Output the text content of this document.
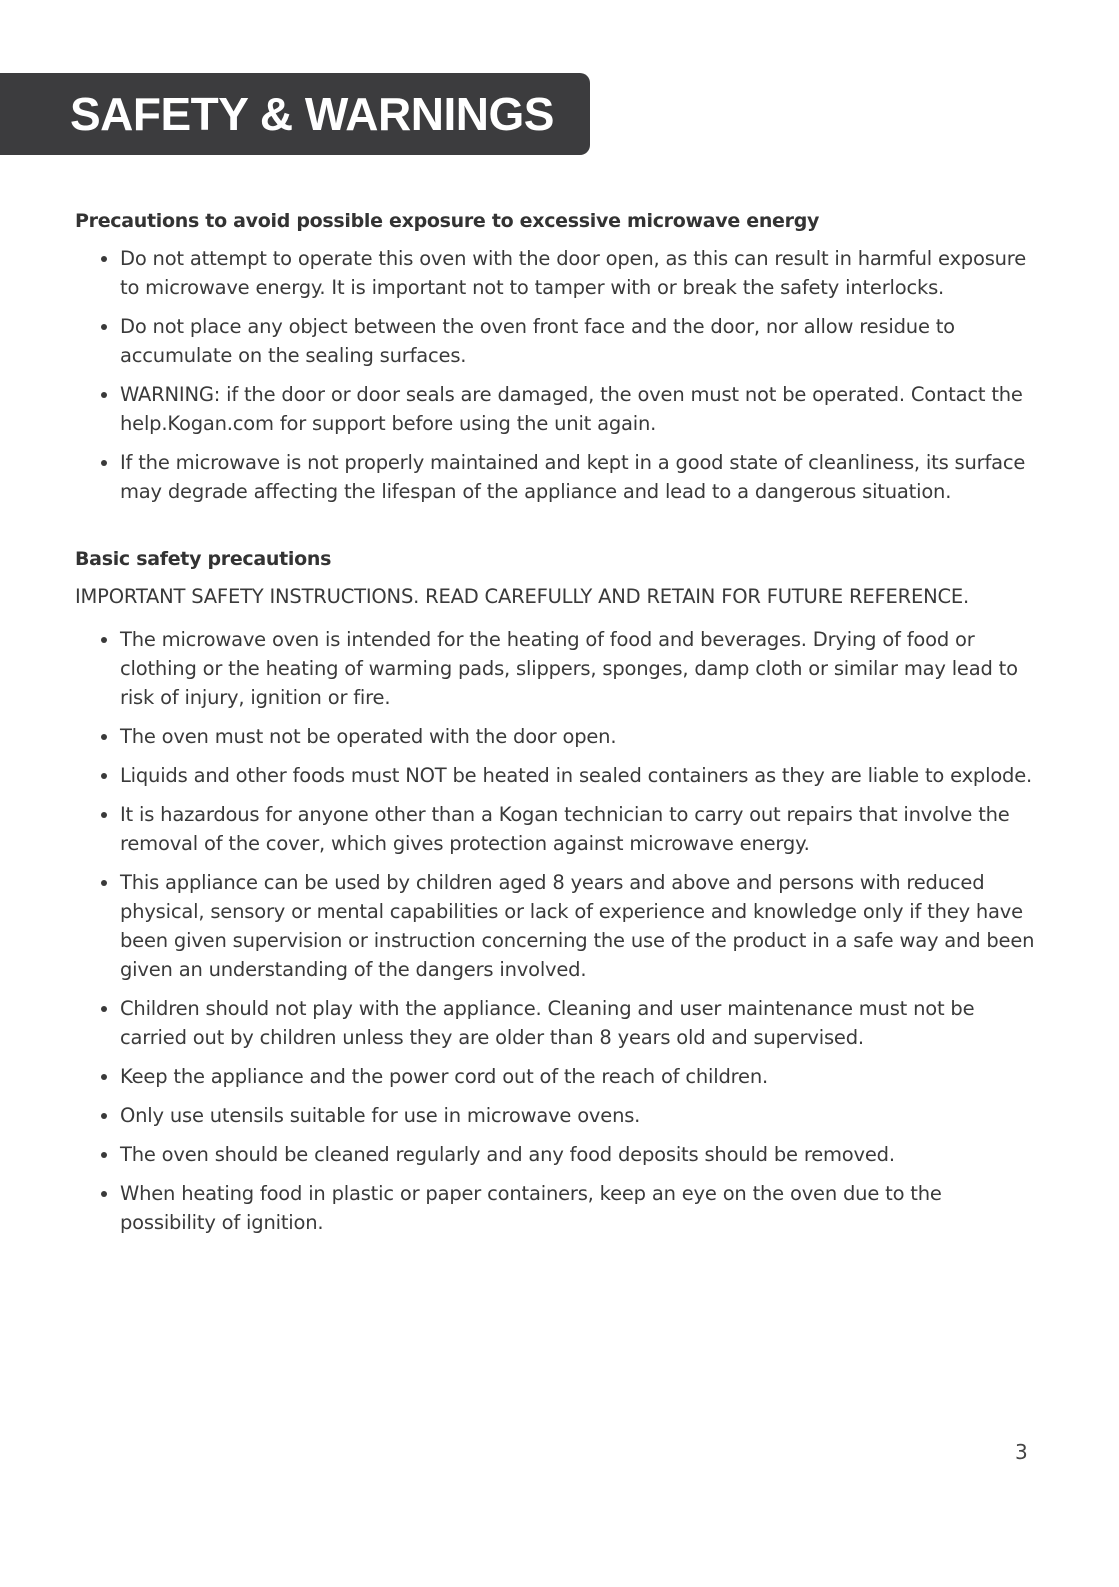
SAFETY & WARNINGS
Precautions to avoid possible exposure to excessive microwave energy
Do not attempt to operate this oven with the door open, as this can result in harmful exposure to microwave energy. It is important not to tamper with or break the safety interlocks.
Do not place any object between the oven front face and the door, nor allow residue to accumulate on the sealing surfaces.
WARNING: if the door or door seals are damaged, the oven must not be operated. Contact the help.Kogan.com for support before using the unit again.
If the microwave is not properly maintained and kept in a good state of cleanliness, its surface may degrade affecting the lifespan of the appliance and lead to a dangerous situation.
Basic safety precautions

IMPORTANT SAFETY INSTRUCTIONS. READ CAREFULLY AND RETAIN FOR FUTURE REFERENCE.

The microwave oven is intended for the heating of food and beverages. Drying of food or clothing or the heating of warming pads, slippers, sponges, damp cloth or similar may lead to risk of injury, ignition or fire.
The oven must not be operated with the door open.
Liquids and other foods must NOT be heated in sealed containers as they are liable to explode.
It is hazardous for anyone other than a Kogan technician to carry out repairs that involve the removal of the cover, which gives protection against microwave energy.
This appliance can be used by children aged 8 years and above and persons with reduced physical, sensory or mental capabilities or lack of experience and knowledge only if they have been given supervision or instruction concerning the use of the product in a safe way and been given an understanding of the dangers involved.
Children should not play with the appliance. Cleaning and user maintenance must not be carried out by children unless they are older than 8 years old and supervised.
Keep the appliance and the power cord out of the reach of children.
Only use utensils suitable for use in microwave ovens.
The oven should be cleaned regularly and any food deposits should be removed.
When heating food in plastic or paper containers, keep an eye on the oven due to the possibility of ignition.
3
